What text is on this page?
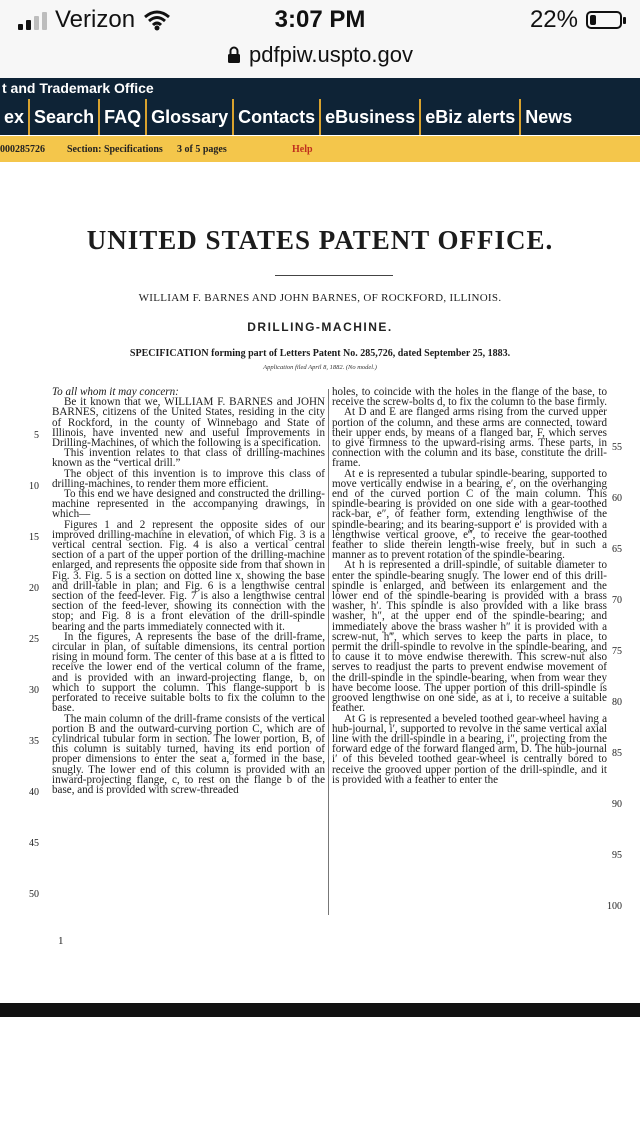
Verizon	3:07 PM	22%
pdfpiw.uspto.gov
t and Trademark Office
ex Search FAQ Glossary Contacts eBusiness eBiz alerts News
000285726 Section: Specifications 3 of 5 pages	Help
UNITED STATES PATENT OFFICE.
WILLIAM F. BARNES AND JOHN BARNES, OF ROCKFORD, ILLINOIS.
DRILLING-MACHINE.
SPECIFICATION forming part of Letters Patent No. 285,726, dated September 25, 1883.
Application filed April 8, 1882. (No model.)

To all whom it may concern:

Be it known that we, WILLIAM F. BARNES and JOHN BARNES, citizens of the United States, residing in the city of Rockford, in the county of Winnebago and State of Illinois, have invented new and useful Improvements in Drilling-Machines, of which the following is a specification.

This invention relates to that class of drilling-machines known as the “vertical drill.”

The object of this invention is to improve this class of drilling-machines, to render them more efficient.

To this end we have designed and constructed the drilling-machine represented in the accompanying drawings, in which—

Figures 1 and 2 represent the opposite sides of our improved drilling-machine in elevation, of which Fig. 3 is a vertical central section. Fig. 4 is also a vertical central section of a part of the upper portion of the drilling-machine enlarged, and represents the opposite side from that shown in Fig. 3. Fig. 5 is a section on dotted line x, showing the base and drill-table in plan; and Fig. 6 is a lengthwise central section of the feed-lever. Fig. 7 is also a lengthwise central section of the feed-lever, showing its connection with the stop; and Fig. 8 is a front elevation of the drill-spindle bearing and the parts immediately connected with it.

In the figures, A represents the base of the drill-frame, circular in plan, of suitable dimensions, its central portion rising in mound form. The center of this base at a is fitted to receive the lower end of the vertical column of the frame, and is provided with an inward-projecting flange, b, on which to support the column. This flange-support b is perforated to receive suitable bolts to fix the column to the base.

The main column of the drill-frame consists of the vertical portion B and the outward-curving portion C, which are of cylindrical tubular form in section. The lower portion, B, of this column is suitably turned, having its end portion of proper dimensions to enter the seat a, formed in the base, snugly. The lower end of this column is provided with an inward-projecting flange, c, to rest on the flange b of the base, and is provided with screw-threaded

holes, to coincide with the holes in the flange of the base, to receive the screw-bolts d, to fix the column to the base firmly.

At D and E are flanged arms rising from the curved upper portion of the column, and these arms are connected, toward their upper ends, by means of a flanged bar, F, which serves to give firmness to the upward-rising arms. These parts, in connection with the column and its base, constitute the drill-frame.

At e is represented a tubular spindle-bearing, supported to move vertically endwise in a bearing, e′, on the overhanging end of the curved portion C of the main column. This spindle-bearing is provided on one side with a gear-toothed rack-bar, e″, of feather form, extending lengthwise of the spindle-bearing; and its bearing-support e′ is provided with a lengthwise vertical groove, e‴, to receive the gear-toothed feather to slide therein length-wise freely, but in such a manner as to prevent rotation of the spindle-bearing.

At h is represented a drill-spindle, of suitable diameter to enter the spindle-bearing snugly. The lower end of this drill-spindle is enlarged, and between its enlargement and the lower end of the spindle-bearing is provided with a brass washer, h′. This spindle is also provided with a like brass washer, h″, at the upper end of the spindle-bearing; and immediately above the brass washer h″ it is provided with a screw-nut, h‴, which serves to keep the parts in place, to permit the drill-spindle to revolve in the spindle-bearing, and to cause it to move endwise therewith. This screw-nut also serves to readjust the parts to prevent endwise movement of the drill-spindle in the spindle-bearing, when from wear they have become loose. The upper portion of this drill-spindle is grooved lengthwise on one side, as at i, to receive a suitable feather.

At G is represented a beveled toothed gear-wheel having a hub-journal, i′, supported to revolve in the same vertical axial line with the drill-spindle in a bearing, i″, projecting from the forward edge of the forward flanged arm, D. The hub-journal i′ of this beveled toothed gear-wheel is centrally bored to receive the grooved upper portion of the drill-spindle, and it is provided with a feather to enter the

5
10
15
20
25
30
35
40
45
50
55
60
65
70
75
80
85
90
95
100
1
